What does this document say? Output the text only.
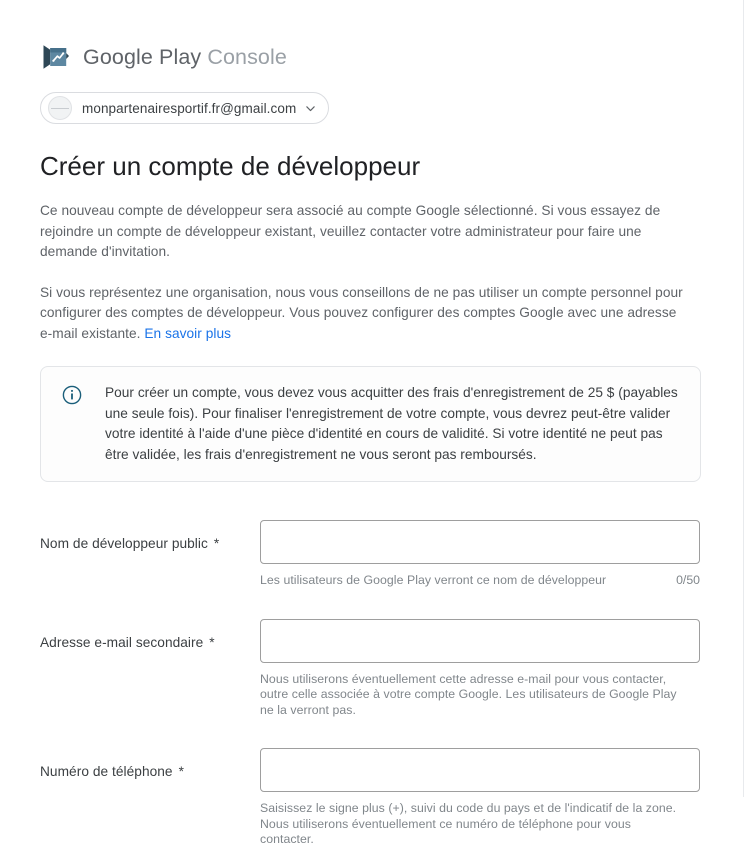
Google Play Console
monpartenairesportif.fr@gmail.com
Créer un compte de développeur

Ce nouveau compte de développeur sera associé au compte Google sélectionné. Si vous essayez de rejoindre un compte de développeur existant, veuillez contacter votre administrateur pour faire une demande d'invitation.

Si vous représentez une organisation, nous vous conseillons de ne pas utiliser un compte personnel pour configurer des comptes de développeur. Vous pouvez configurer des comptes Google avec une adresse e-mail existante. En savoir plus

Pour créer un compte, vous devez vous acquitter des frais d'enregistrement de 25 $ (payables une seule fois). Pour finaliser l'enregistrement de votre compte, vous devrez peut-être valider votre identité à l'aide d'une pièce d'identité en cours de validité. Si votre identité ne peut pas être validée, les frais d'enregistrement ne vous seront pas remboursés.
Nom de développeur public *
Les utilisateurs de Google Play verront ce nom de développeur	0/50
Adresse e-mail secondaire *
Nous utiliserons éventuellement cette adresse e-mail pour vous contacter, outre celle associée à votre compte Google. Les utilisateurs de Google Play ne la verront pas.
Numéro de téléphone *
Saisissez le signe plus (+), suivi du code du pays et de l'indicatif de la zone. Nous utiliserons éventuellement ce numéro de téléphone pour vous contacter.
